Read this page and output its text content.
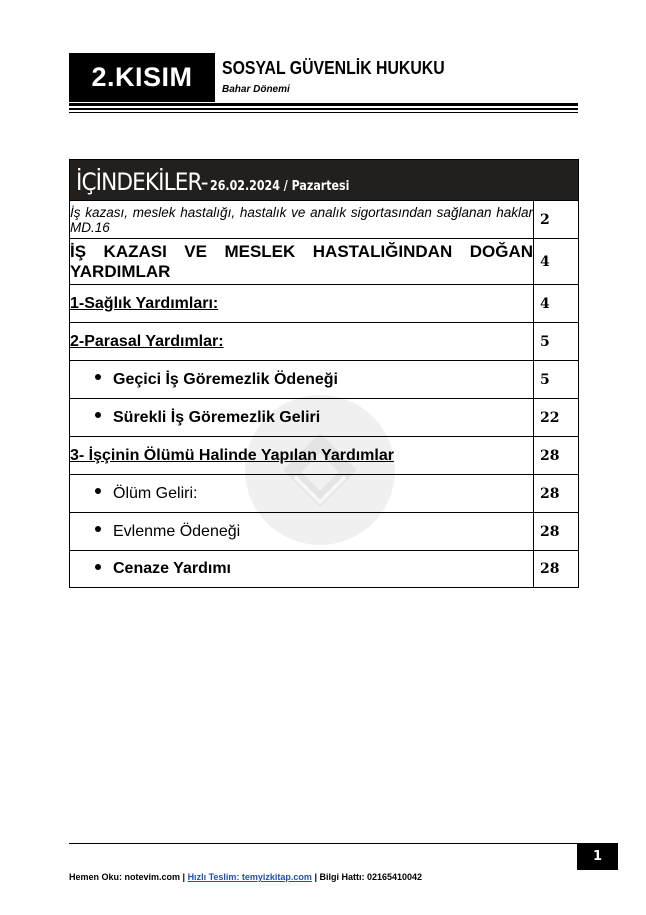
2.KISIM SOSYAL GÜVENLİK HUKUKU
Bahar Dönemi
İÇİNDEKİLER- 26.02.2024 / Pazartesi	

İş kazası, meslek hastalığı, hastalık ve analık sigortasından sağlanan haklar MD.16	2
İŞ KAZASI VE MESLEK HASTALIĞINDAN DOĞAN YARDIMLAR	4
1-Sağlık Yardımları:	4
2-Parasal Yardımlar:	5
Geçici İş Göremezlik Ödeneği	5
Sürekli İş Göremezlik Geliri	22
3- İşçinin Ölümü Halinde Yapılan Yardımlar	28
Ölüm Geliri:	28
Evlenme Ödeneği	28
Cenaze Yardımı	28
1
Hemen Oku: notevim.com | Hızlı Teslim: temyizkitap.com | Bilgi Hattı: 02165410042
